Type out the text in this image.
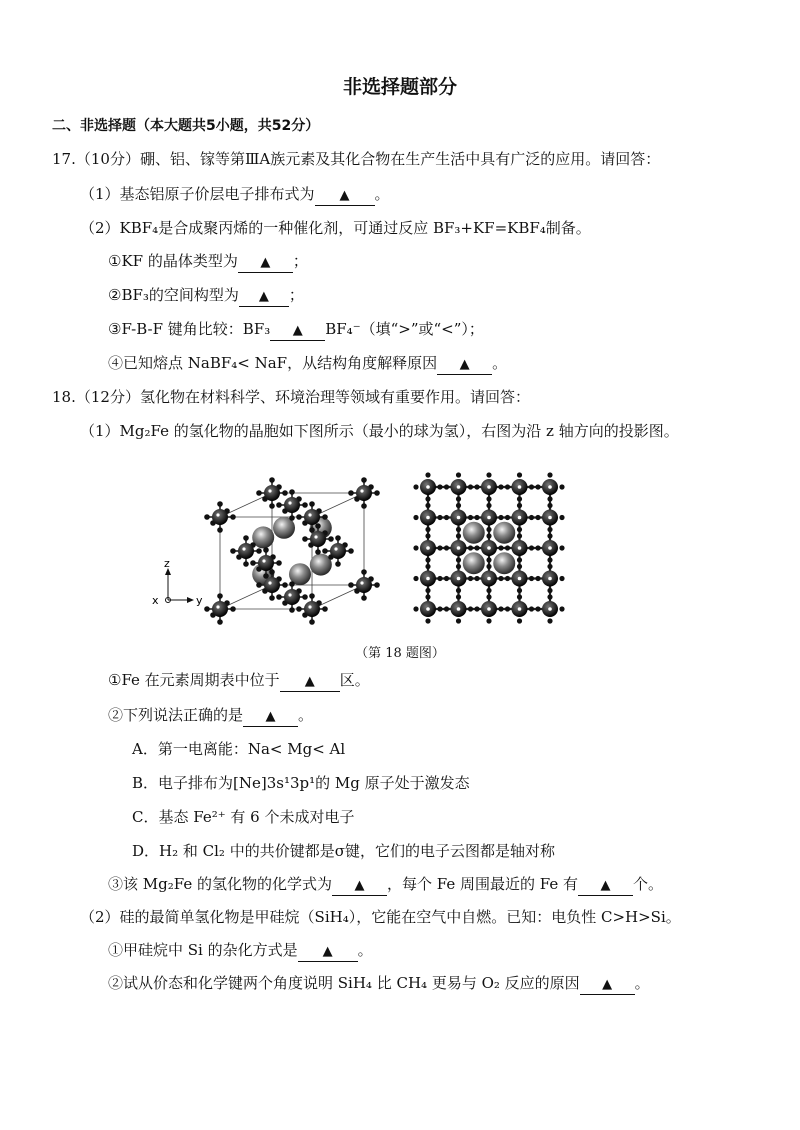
非选择题部分
二、非选择题（本大题共5小题，共52分）
17.（10分）硼、铝、镓等第ⅢA族元素及其化合物在生产生活中具有广泛的应用。请回答：
（1）基态铝原子价层电子排布式为 ▲ 。
（2）KBF₄是合成聚丙烯的一种催化剂，可通过反应 BF₃+KF=KBF₄制备。
①KF 的晶体类型为 ▲ ；
②BF₃的空间构型为 ▲ ；
③F-B-F 键角比较：BF₃ ▲ BF₄⁻（填“>”或“<”）；
④已知熔点 NaBF₄< NaF，从结构角度解释原因 ▲ 。
18.（12分）氢化物在材料科学、环境治理等领域有重要作用。请回答：
（1）Mg₂Fe 的氢化物的晶胞如下图所示（最小的球为氢），右图为沿 z 轴方向的投影图。
z
x	y
（第 18 题图）
①Fe 在元素周期表中位于 ▲ 区。
②下列说法正确的是 ▲ 。
A．第一电离能：Na< Mg< Al
B．电子排布为[Ne]3s¹3p¹的 Mg 原子处于激发态
C．基态 Fe²⁺ 有 6 个未成对电子
D．H₂ 和 Cl₂ 中的共价键都是σ键，它们的电子云图都是轴对称
③该 Mg₂Fe 的氢化物的化学式为 ▲ ，每个 Fe 周围最近的 Fe 有 ▲ 个。
（2）硅的最简单氢化物是甲硅烷（SiH₄），它能在空气中自燃。已知：电负性 C>H>Si。
①甲硅烷中 Si 的杂化方式是 ▲ 。
②试从价态和化学键两个角度说明 SiH₄ 比 CH₄ 更易与 O₂ 反应的原因 ▲ 。
